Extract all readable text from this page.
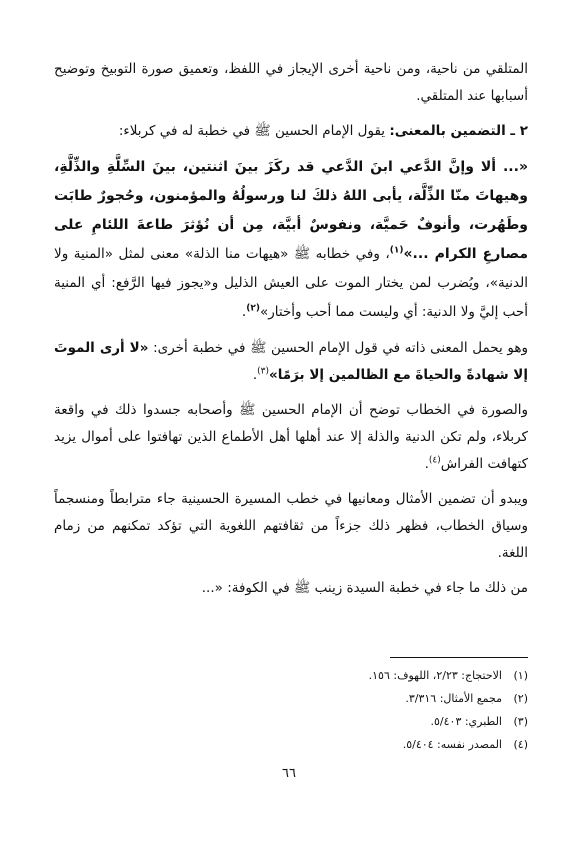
المتلقي من ناحية، ومن ناحية أخرى الإيجاز في اللفظ، وتعميق صورة التوبيخ وتوضيح أسبابها عند المتلقي.

٢ ـ التضمين بالمعنى: يقول الإمام الحسين ﷺ في خطبة له في كربلاء:

«... ألا وإنَّ الدَّعي ابنَ الدَّعي قد ركَزَ بينَ اثنتين، بينَ السِّلَّةِ والذِّلَّةِ، وهيهاتَ منّا الذِّلَّة، يأبى اللهُ ذلكَ لنا ورسولُهُ والمؤمنون، وحُجورٌ طابَت وطَهُرت، وأنوفٌ حَميَّة، ونفوسٌ أبيَّة، مِن أن نُؤثرَ طاعةَ اللئامِ على مصارعِ الكرام ...»$^{(١)}$، وفي خطابه ﷺ «هيهات منا الذلة» معنى لمثل «المنية ولا الدنية»، ويُضرب لمن يختار الموت على العيش الذليل و«يجوز فيها الرَّفع: أي المنية أحب إليَّ ولا الدنية: أي وليست مما أحب وأختار»$^{(٢)}$.

وهو يحمل المعنى ذاته في قول الإمام الحسين ﷺ في خطبة أخرى: «لا أرى الموتَ إلا شهادةً والحياةَ مع الظالمين إلا برَمًا»$^{(٣)}$.

والصورة في الخطاب توضح أن الإمام الحسين ﷺ وأصحابه جسدوا ذلك في واقعة كربلاء، ولم تكن الدنية والذلة إلا عند أهلها أهل الأطماع الذين تهافتوا على أموال يزيد كتهافت الفراش$^{(٤)}$.

ويبدو أن تضمين الأمثال ومعانيها في خطب المسيرة الحسينية جاء مترابطاً ومنسجماً وسياق الخطاب، فظهر ذلك جزءاً من ثقافتهم اللغوية التي تؤكد تمكنهم من زمام اللغة.

من ذلك ما جاء في خطبة السيدة زينب ﷺ في الكوفة: «...

(١)الاحتجاج: ٢/٢٣، اللهوف: ١٥٦.
(٢)مجمع الأمثال: ٣/٣١٦.
(٣)الطبري: ٥/٤٠٣.
(٤)المصدر نفسه: ٥/٤٠٤.
٦٦
